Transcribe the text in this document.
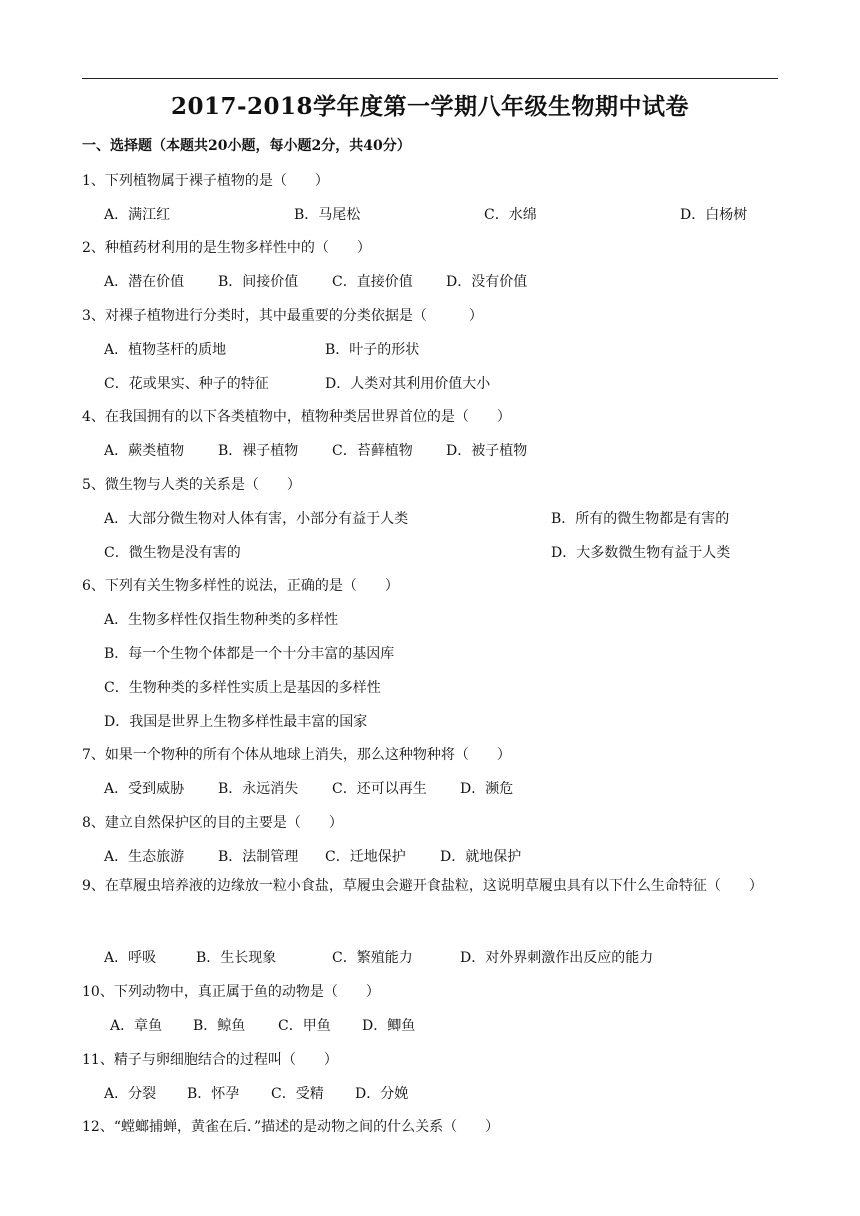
2017-2018学年度第一学期八年级生物期中试卷
一、选择题（本题共20小题，每小题2分，共40分）
1、下列植物属于裸子植物的是（　　）
A．满江红	B．马尾松	C．水绵	D．白杨树
2、种植药材利用的是生物多样性中的（　　）
A．潜在价值 B．间接价值 C．直接价值 D．没有价值
3、对裸子植物进行分类时，其中最重要的分类依据是（　　　）
A．植物茎杆的质地	B．叶子的形状
C．花或果实、种子的特征	D．人类对其利用价值大小
4、在我国拥有的以下各类植物中，植物种类居世界首位的是（　　）
A．蕨类植物 B．裸子植物 C．苔藓植物 D．被子植物
5、微生物与人类的关系是（　　）
A．大部分微生物对人体有害，小部分有益于人类	B．所有的微生物都是有害的
C．微生物是没有害的	D．大多数微生物有益于人类
6、下列有关生物多样性的说法，正确的是（　　）
A．生物多样性仅指生物种类的多样性
B．每一个生物个体都是一个十分丰富的基因库
C．生物种类的多样性实质上是基因的多样性
D．我国是世界上生物多样性最丰富的国家
7、如果一个物种的所有个体从地球上消失，那么这种物种将（　　）
A．受到威胁 B．永远消失 C．还可以再生 D．濒危
8、建立自然保护区的目的主要是（　　）
A．生态旅游 B．法制管理 C．迁地保护 D．就地保护
9、在草履虫培养液的边缘放一粒小食盐，草履虫会避开食盐粒，这说明草履虫具有以下什么生命特征（　　）
A．呼吸	B．生长现象	C．繁殖能力	D．对外界刺激作出反应的能力
10、下列动物中，真正属于鱼的动物是（　　）
A．章鱼 B．鲸鱼 C．甲鱼 D．鲫鱼
11、精子与卵细胞结合的过程叫（　　）
A．分裂 B．怀孕 C．受精 D．分娩
12、“螳螂捕蝉，黄雀在后．”描述的是动物之间的什么关系（　　）
